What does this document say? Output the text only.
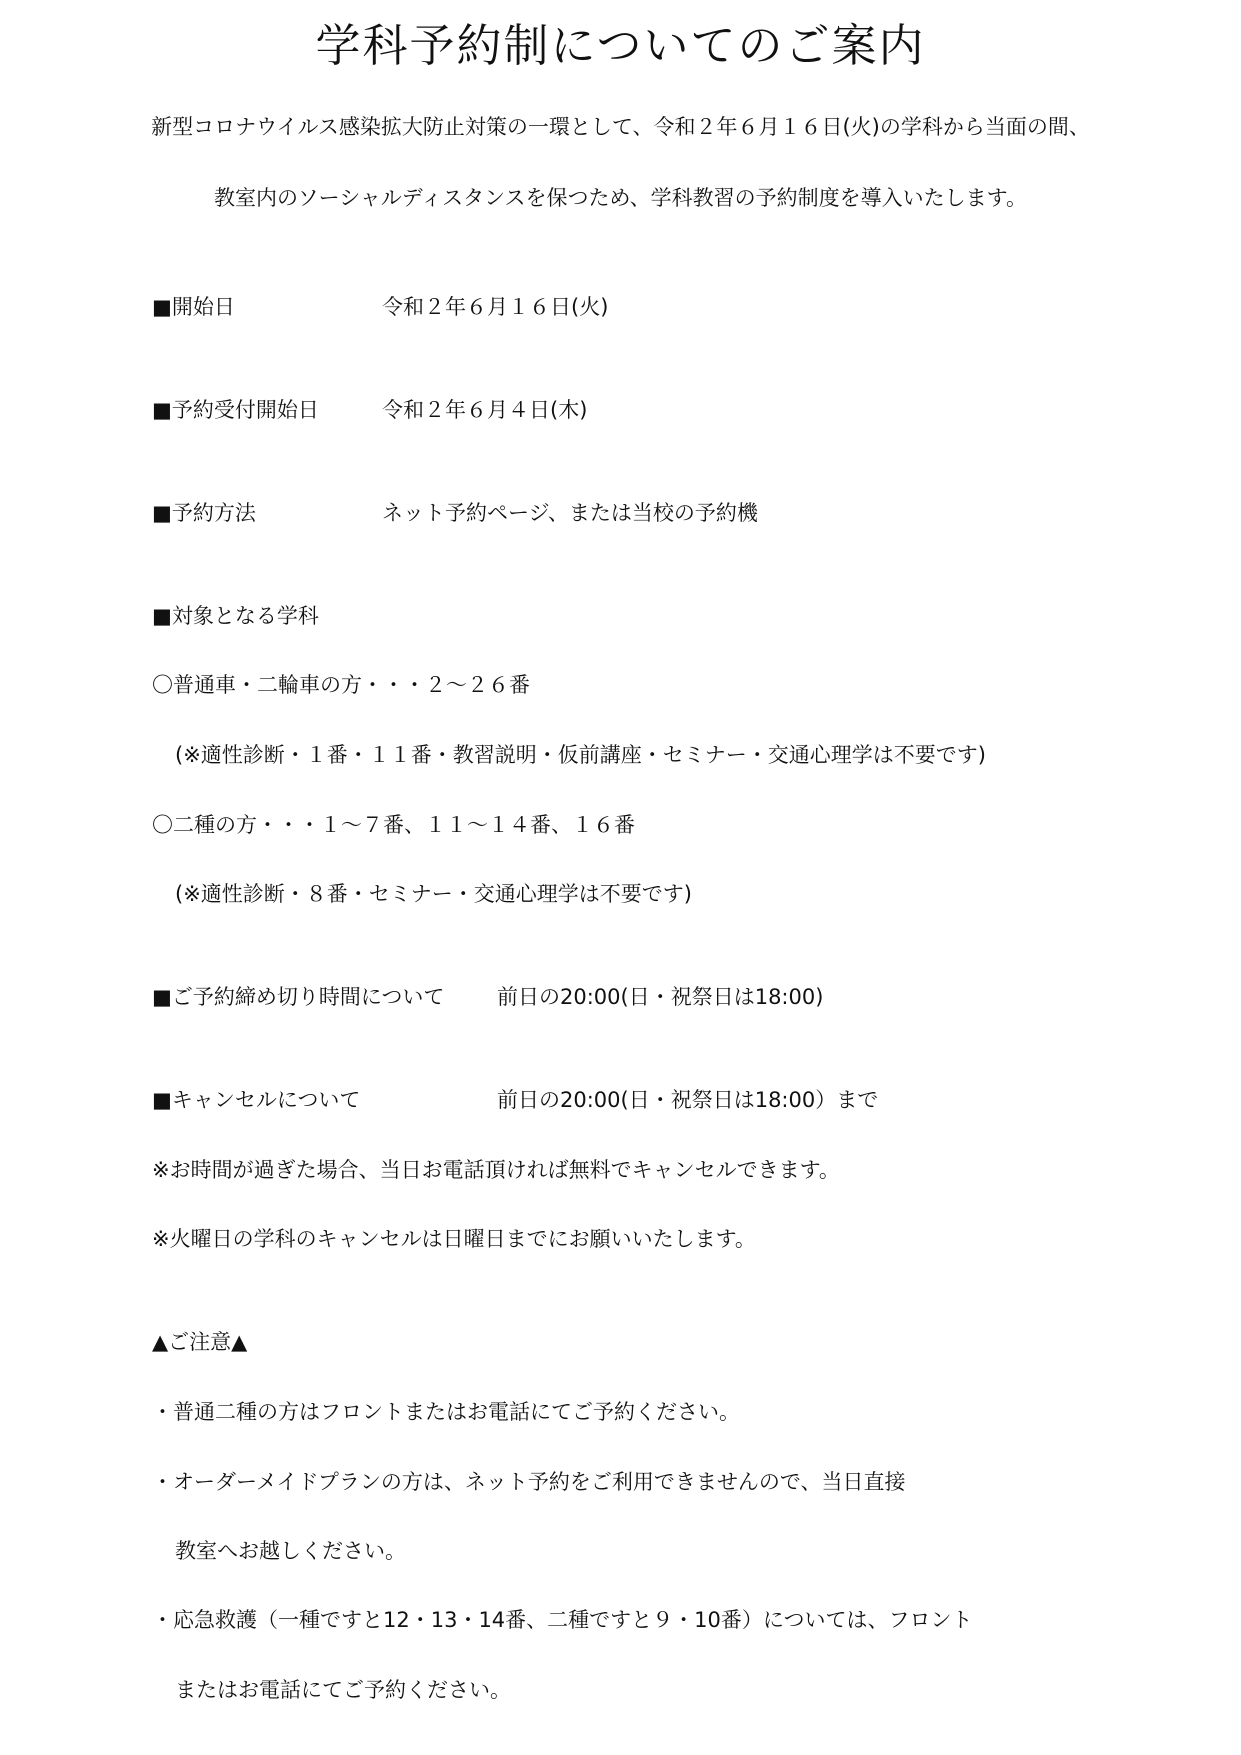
学科予約制についてのご案内
新型コロナウイルス感染拡大防止対策の一環として、令和２年６月１６日(火)の学科から当面の間、
教室内のソーシャルディスタンスを保つため、学科教習の予約制度を導入いたします。
■開始日	令和２年６月１６日(火)
■予約受付開始日	令和２年６月４日(木)
■予約方法	ネット予約ページ、または当校の予約機
■対象となる学科
〇普通車・二輪車の方・・・２～２６番
(※適性診断・１番・１１番・教習説明・仮前講座・セミナー・交通心理学は不要です)
〇二種の方・・・１～７番、１１～１４番、１６番
(※適性診断・８番・セミナー・交通心理学は不要です)
■ご予約締め切り時間について	前日の20:00(日・祝祭日は18:00)
■キャンセルについて	前日の20:00(日・祝祭日は18:00）まで
※お時間が過ぎた場合、当日お電話頂ければ無料でキャンセルできます。
※火曜日の学科のキャンセルは日曜日までにお願いいたします。
▲ご注意▲
・普通二種の方はフロントまたはお電話にてご予約ください。
・オーダーメイドプランの方は、ネット予約をご利用できませんので、当日直接
教室へお越しください。
・応急救護（一種ですと12・13・14番、二種ですと９・10番）については、フロント
またはお電話にてご予約ください。
